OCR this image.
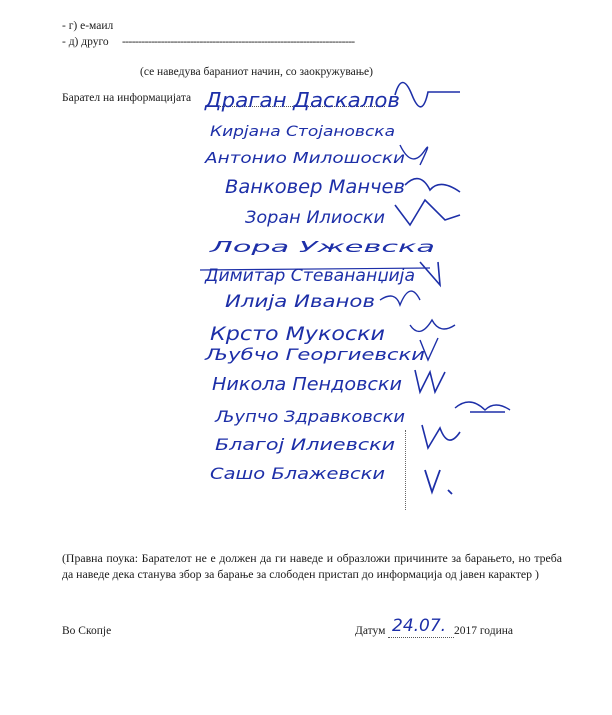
- г) е-маил
- д) друго ------------------------------------------------------------------------
(се наведува бараниот начин, со заокружување)
Барател на информацијата Драган Даскалов
Кирјана Стојановска
Антонио Милошоски
Ванковер Манчев
Зоран Илиоски
Лора Ужевска
Димитар Стевананџија
Илија Иванов
Крсто Мукоски
Љубчо Георгиевски
Никола Пендовски
Љупчо Здравковски
Благој Илиевски
Сашо Блажевски
(Правна поука: Барателот не е должен да ги наведе и образложи причините за барањето, но треба да наведе дека станува збор за барање за слободен пристап до информација од јавен карактер )
Во Скопје	Датум 24.07. 2017 година
